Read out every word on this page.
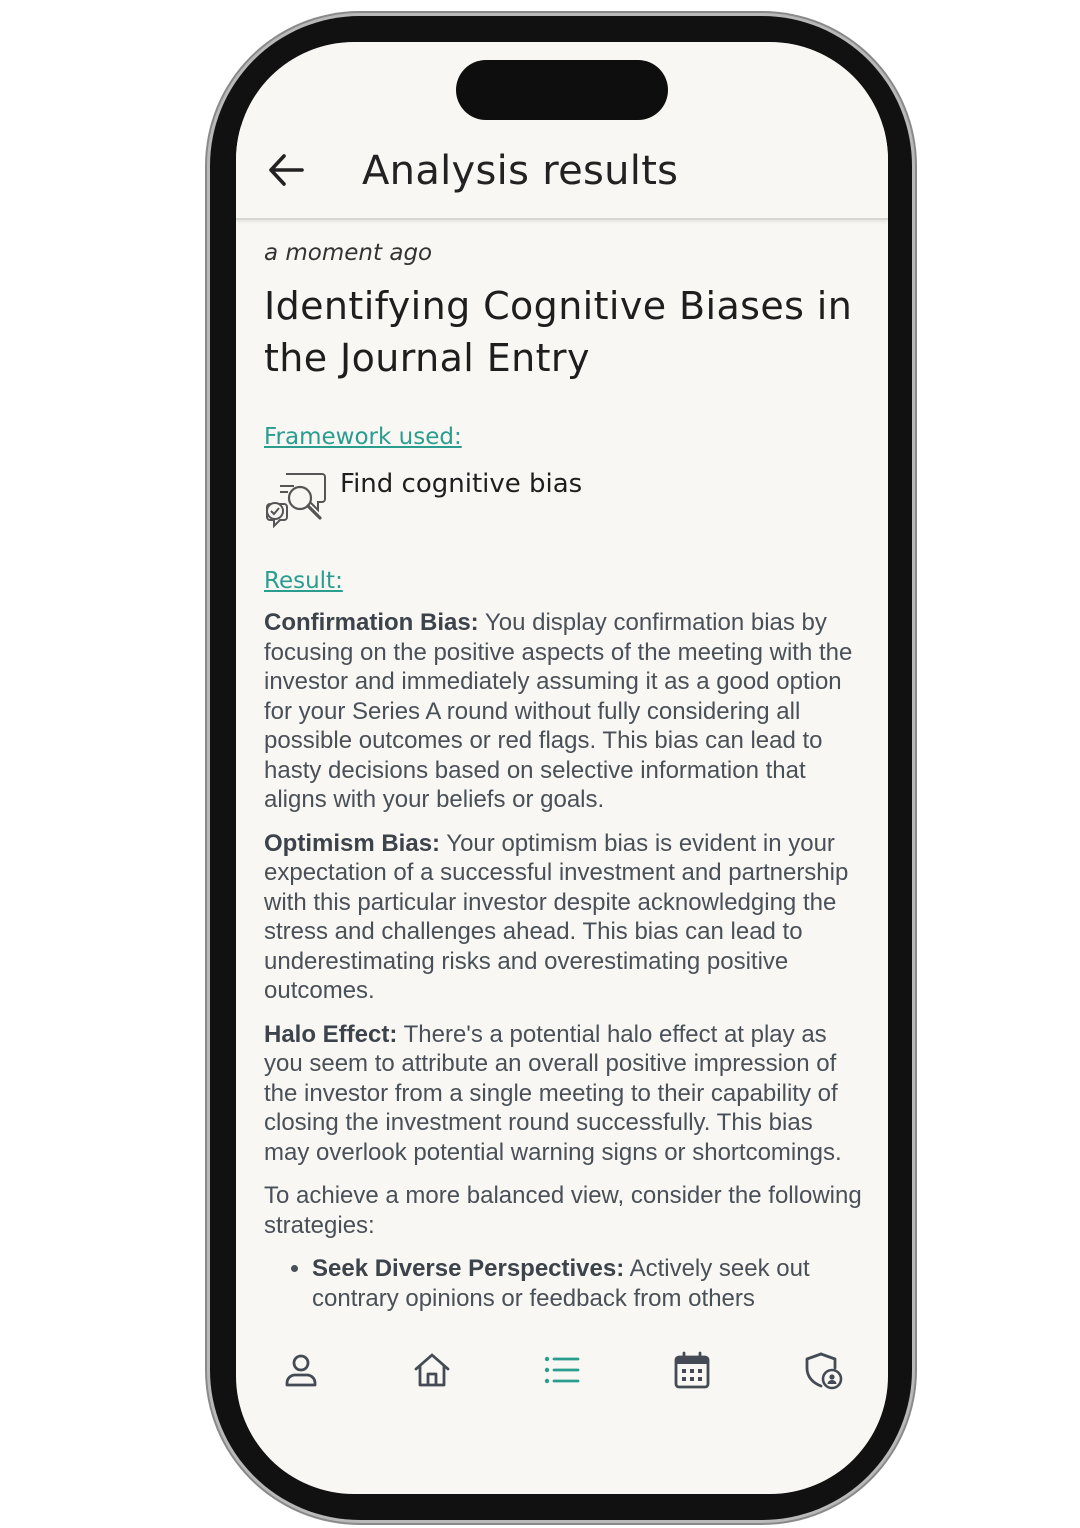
Analysis results

a moment ago

Identifying Cognitive Biases in the Journal Entry
Framework used:
Find cognitive bias
Result:

Confirmation Bias: You display confirmation bias by focusing on the positive aspects of the meeting with the investor and immediately assuming it as a good option for your Series A round without fully considering all possible outcomes or red flags. This bias can lead to hasty decisions based on selective information that aligns with your beliefs or goals.

Optimism Bias: Your optimism bias is evident in your expectation of a successful investment and partnership with this particular investor despite acknowledging the stress and challenges ahead. This bias can lead to underestimating risks and overestimating positive outcomes.

Halo Effect: There's a potential halo effect at play as you seem to attribute an overall positive impression of the investor from a single meeting to their capability of closing the investment round successfully. This bias may overlook potential warning signs or shortcomings.

To achieve a more balanced view, consider the following strategies:

• Seek Diverse Perspectives: Actively seek out contrary opinions or feedback from others
